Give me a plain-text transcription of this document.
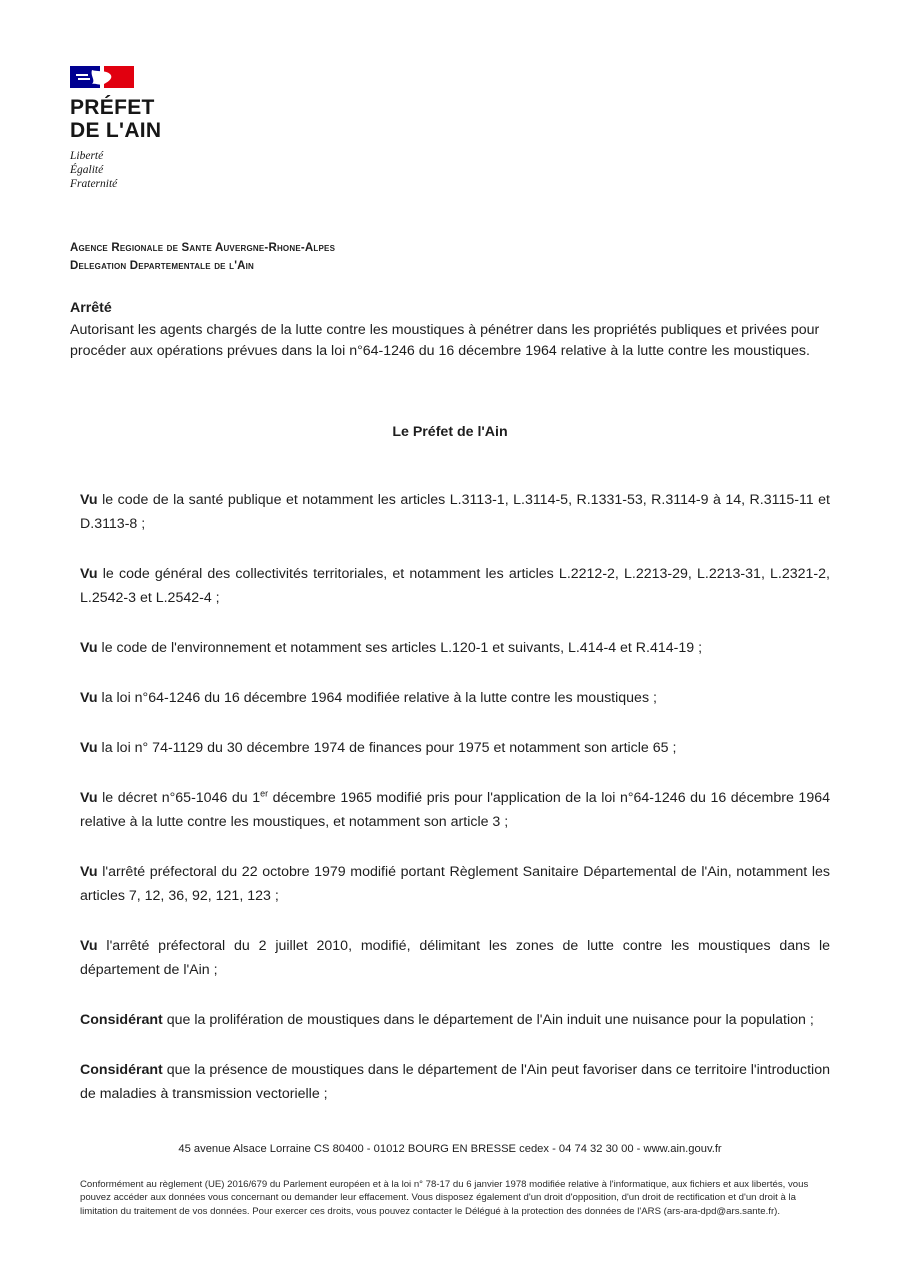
PRÉFET
DE L'AIN
Liberté
Égalité
Fraternité
Agence Regionale de Sante Auvergne-Rhone-Alpes
Delegation Departementale de l'Ain
Arrêté
Autorisant les agents chargés de la lutte contre les moustiques à pénétrer dans les propriétés publiques et privées pour procéder aux opérations prévues dans la loi n°64-1246 du 16 décembre 1964 relative à la lutte contre les moustiques.
Le Préfet de l'Ain

Vu le code de la santé publique et notamment les articles L.3113-1, L.3114-5, R.1331-53, R.3114-9 à 14, R.3115-11 et D.3113-8 ;

Vu le code général des collectivités territoriales, et notamment les articles L.2212-2, L.2213-29, L.2213-31, L.2321-2, L.2542-3 et L.2542-4 ;

Vu le code de l'environnement et notamment ses articles L.120-1 et suivants, L.414-4 et R.414-19 ;

Vu la loi n°64-1246 du 16 décembre 1964 modifiée relative à la lutte contre les moustiques ;

Vu la loi n° 74-1129 du 30 décembre 1974 de finances pour 1975 et notamment son article 65 ;

Vu le décret n°65-1046 du 1er décembre 1965 modifié pris pour l'application de la loi n°64-1246 du 16 décembre 1964 relative à la lutte contre les moustiques, et notamment son article 3 ;

Vu l'arrêté préfectoral du 22 octobre 1979 modifié portant Règlement Sanitaire Départemental de l'Ain, notamment les articles 7, 12, 36, 92, 121, 123 ;

Vu l'arrêté préfectoral du 2 juillet 2010, modifié, délimitant les zones de lutte contre les moustiques dans le département de l'Ain ;

Considérant que la prolifération de moustiques dans le département de l'Ain induit une nuisance pour la population ;

Considérant que la présence de moustiques dans le département de l'Ain peut favoriser dans ce territoire l'introduction de maladies à transmission vectorielle ;

45 avenue Alsace Lorraine CS 80400 - 01012 BOURG EN BRESSE cedex - 04 74 32 30 00 - www.ain.gouv.fr
Conformément au règlement (UE) 2016/679 du Parlement européen et à la loi n° 78-17 du 6 janvier 1978 modifiée relative à l'informatique, aux fichiers et aux libertés, vous pouvez accéder aux données vous concernant ou demander leur effacement. Vous disposez également d'un droit d'opposition, d'un droit de rectification et d'un droit à la limitation du traitement de vos données. Pour exercer ces droits, vous pouvez contacter le Délégué à la protection des données de l'ARS (ars-ara-dpd@ars.sante.fr).
